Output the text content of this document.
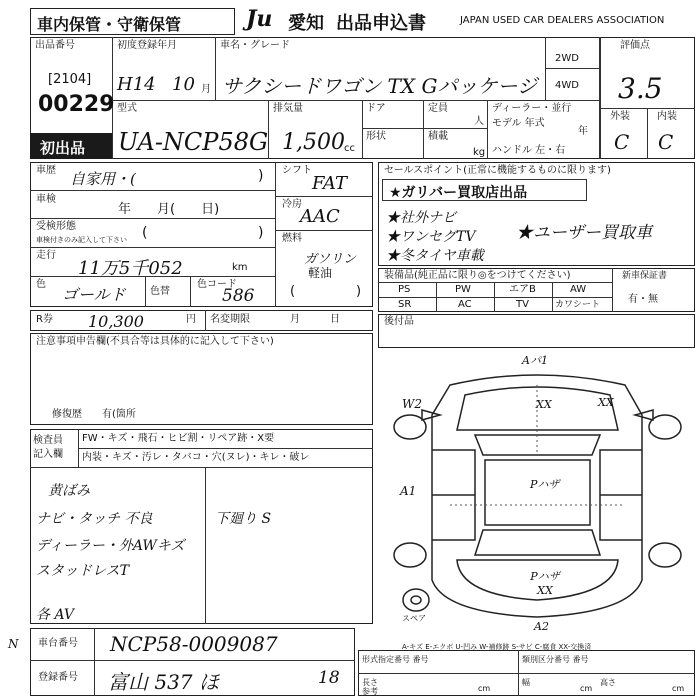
車内保管・守衛保管	Ju 愛知 出品申込書	JAPAN USED CAR DEALERS ASSOCIATION
出品番号
[2104]
00229
初出品
初度登録年月
H14 10 月
車名・グレード
サクシードワゴン TX Gパッケージ
2WD
4WD
型式
UA-NCP58G
排気量
1,500 cc
ドア	定員
人
形状	積載
kg
ディーラー・並行
モデル 年式
年
ハンドル 左・右
評価点
3.5
外装	内装
C C
車歴 自家用・(	)
車検
年　　月(　　日)
受検形態
車検付きのみ記入して下さい (	)
走行
11万5千052	km
色
ゴールド 色替
色コード
586
シフト
FAT
冷房
AAC
燃料
ガソリン
軽油
(	)
R券 10,300	円 名変期限	月　　　日
セールスポイント(正常に機能するものに限ります)
★ガリバー買取店出品
★社外ナビ
★ワンセグTV
★冬タイヤ車載
★ユーザー買取車
装備品(純正品に限り◎をつけてください)
PS	PW	エアB	AW
SR	AC	TV	カワシート
新車保証書
有・無
後付品
注意事項申告欄(不具合等は具体的に記入して下さい)
修復歴　　有(箇所
検査員 記入欄
FW・キズ・飛石・ヒビ割・リペア跡・X要
内装・キズ・汚レ・タバコ・穴(ヌレ)・キレ・破レ
黄ばみ
ナビ・タッチ 不良
ディーラー・外AWキズ
スタッドレスT
各 AV
下廻り S
Aパ1
XX
XX
W2
Pハザ
A1
Pハザ XX
A2
スペア
A-キズ E-エクボ U-凹み W-補修跡 S-サビ C-腐食 XX-交換済
N 車台番号 NCP58-0009087
登録番号 富山 537 ほ	18
形式指定番号 番号	類別区分番号 番号
長さ
参考	cm
幅
cm
高さ
cm
